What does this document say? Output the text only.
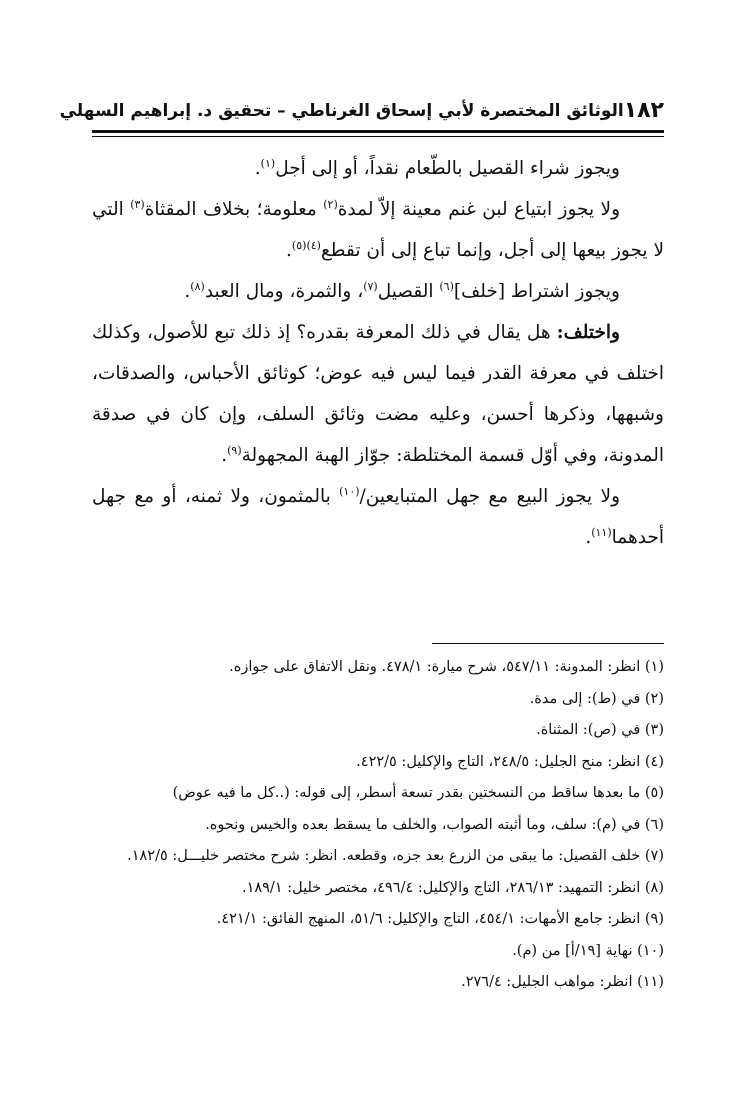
١٨٢
الوثائق المختصرة لأبي إسحاق الغرناطي – تحقيق د. إبراهيم السهلي

ويجوز شراء القصيل بالطّعام نقداً، أو إلى أجل$^{(١)}$.

ولا يجوز ابتياع لبن غنم معينة إلاّ لمدة$^{(٢)}$ معلومة؛ بخلاف المقثاة$^{(٣)}$ التي لا يجوز بيعها إلى أجل، وإنما تباع إلى أن تقطع$^{(٤)(٥)}$.

ويجوز اشتراط [خلف]$^{(٦)}$ القصيل$^{(٧)}$، والثمرة، ومال العبد$^{(٨)}$.

واختلف: هل يقال في ذلك المعرفة بقدره؟ إذ ذلك تبع للأصول، وكذلك اختلف في معرفة القدر فيما ليس فيه عوض؛ كوثائق الأحباس، والصدقات، وشبهها، وذكرها أحسن، وعليه مضت وثائق السلف، وإن كان في صدقة المدونة، وفي أوّل قسمة المختلطة: جوّاز الهبة المجهولة$^{(٩)}$.

ولا يجوز البيع مع جهل المتبايعين/$^{(١٠)}$ بالمثمون، ولا ثمنه، أو مع جهل أحدهما$^{(١١)}$.

(١) انظر: المدونة: ٥٤٧/١١، شرح ميارة: ٤٧٨/١. ونقل الاتفاق على جوازه.

(٢) في (ط): إلى مدة.

(٣) في (ص): المثناة.

(٤) انظر: منح الجليل: ٢٤٨/٥، التاج والإكليل: ٤٢٢/٥.

(٥) ما بعدها ساقط من النسختين بقدر تسعة أسطر، إلى قوله: (..كل ما فيه عوض)

(٦) في (م): سلف، وما أثبته الصواب، والخلف ما يسقط بعده والخيس ونحوه.

(٧) خلف القصيل: ما يبقى من الزرع بعد جزه، وقطعه. انظر: شرح مختصر خليـــل: ١٨٢/٥.

(٨) انظر: التمهيد: ٢٨٦/١٣، التاج والإكليل: ٤٩٦/٤، مختصر خليل: ١٨٩/١.

(٩) انظر: جامع الأمهات: ٤٥٤/١، التاج والإكليل: ٥١/٦، المنهج الفائق: ٤٢١/١.

(١٠) نهاية [١٩/أ] من (م).

(١١) انظر: مواهب الجليل: ٢٧٦/٤.
